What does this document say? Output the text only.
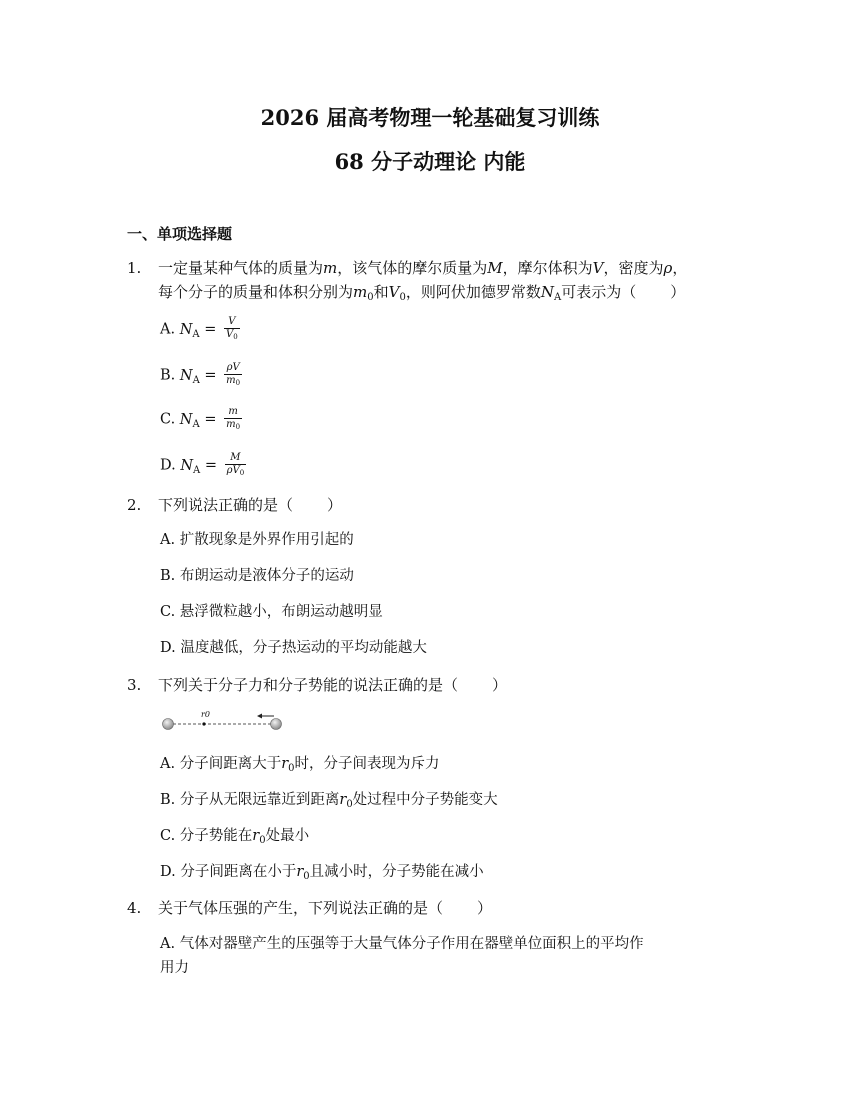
2026 届高考物理一轮基础复习训练
68 分子动理论 内能
一、单项选择题
1. 一定量某种气体的质量为m，该气体的摩尔质量为M，摩尔体积为V，密度为ρ，
每个分子的质量和体积分别为$m_0$和$V_0$，则阿伏加德罗常数$N_A$可表示为（ ）
A. $N_A = \frac{V}{V_0}$
B. $N_A = \frac{\rho V}{m_0}$
C. $N_A = \frac{m}{m_0}$
D. $N_A = \frac{M}{\rho V_0}$
2. 下列说法正确的是（ ）
A. 扩散现象是外界作用引起的
B. 布朗运动是液体分子的运动
C. 悬浮微粒越小，布朗运动越明显
D. 温度越低，分子热运动的平均动能越大
3. 下列关于分子力和分子势能的说法正确的是（ ）
r0
A. 分子间距离大于$r_0$时，分子间表现为斥力
B. 分子从无限远靠近到距离$r_0$处过程中分子势能变大
C. 分子势能在$r_0$处最小
D. 分子间距离在小于$r_0$且减小时，分子势能在减小
4. 关于气体压强的产生，下列说法正确的是（ ）
A. 气体对器壁产生的压强等于大量气体分子作用在器壁单位面积上的平均作
用力
